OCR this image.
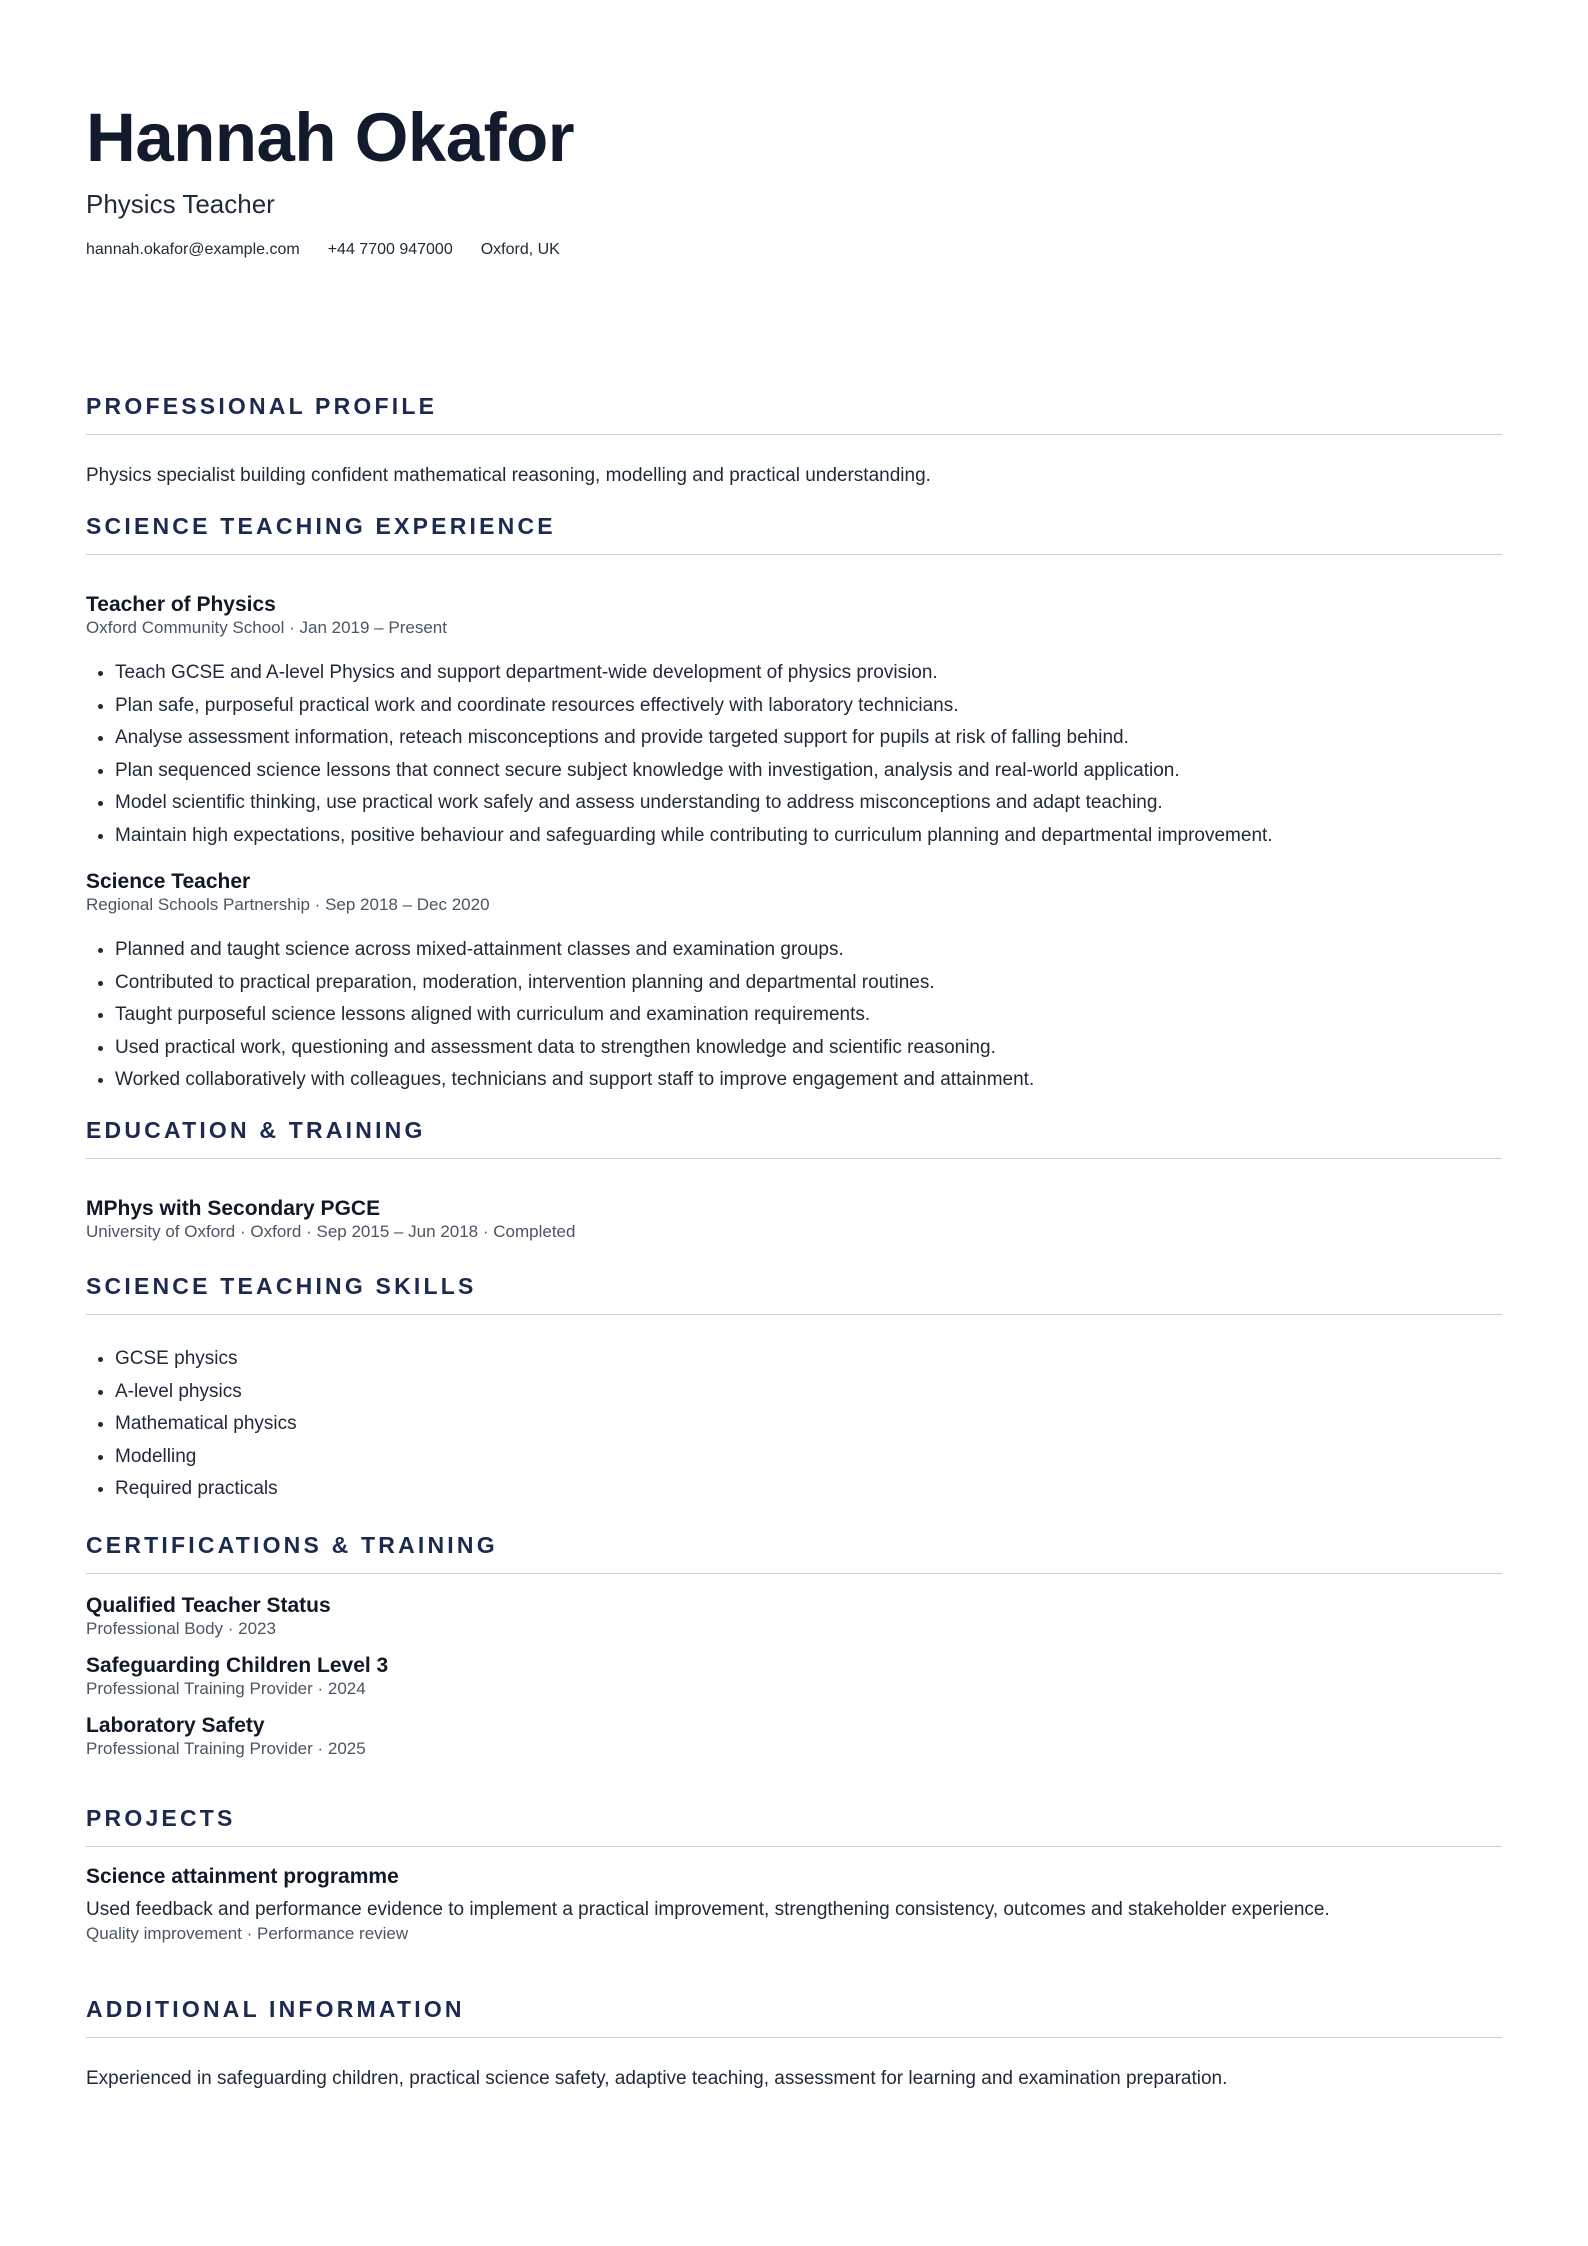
Hannah Okafor
Physics Teacher
hannah.okafor@example.com +44 7700 947000 Oxford, UK
PROFESSIONAL PROFILE
Physics specialist building confident mathematical reasoning, modelling and practical understanding.
SCIENCE TEACHING EXPERIENCE
Teacher of Physics
Oxford Community School · Jan 2019 – Present
• Teach GCSE and A-level Physics and support department-wide development of physics provision.
• Plan safe, purposeful practical work and coordinate resources effectively with laboratory technicians.
• Analyse assessment information, reteach misconceptions and provide targeted support for pupils at risk of falling behind.
• Plan sequenced science lessons that connect secure subject knowledge with investigation, analysis and real-world application.
• Model scientific thinking, use practical work safely and assess understanding to address misconceptions and adapt teaching.
• Maintain high expectations, positive behaviour and safeguarding while contributing to curriculum planning and departmental improvement.
Science Teacher
Regional Schools Partnership · Sep 2018 – Dec 2020
• Planned and taught science across mixed-attainment classes and examination groups.
• Contributed to practical preparation, moderation, intervention planning and departmental routines.
• Taught purposeful science lessons aligned with curriculum and examination requirements.
• Used practical work, questioning and assessment data to strengthen knowledge and scientific reasoning.
• Worked collaboratively with colleagues, technicians and support staff to improve engagement and attainment.
EDUCATION & TRAINING
MPhys with Secondary PGCE
University of Oxford · Oxford · Sep 2015 – Jun 2018 · Completed
SCIENCE TEACHING SKILLS
• GCSE physics
• A-level physics
• Mathematical physics
• Modelling
• Required practicals
CERTIFICATIONS & TRAINING
Qualified Teacher Status
Professional Body · 2023
Safeguarding Children Level 3
Professional Training Provider · 2024
Laboratory Safety
Professional Training Provider · 2025
PROJECTS
Science attainment programme
Used feedback and performance evidence to implement a practical improvement, strengthening consistency, outcomes and stakeholder experience.
Quality improvement · Performance review
ADDITIONAL INFORMATION
Experienced in safeguarding children, practical science safety, adaptive teaching, assessment for learning and examination preparation.
